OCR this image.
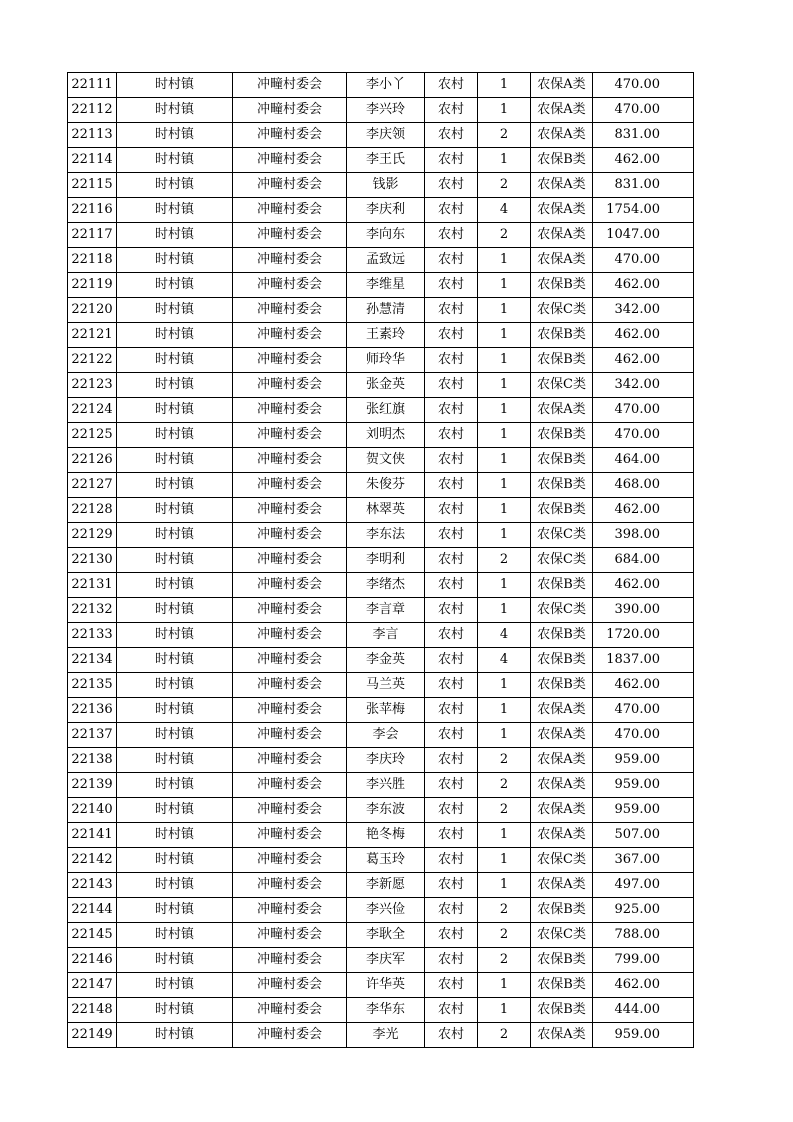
22111	时村镇	冲疃村委会	李小丫	农村	1	农保A类	470.00
22112	时村镇	冲疃村委会	李兴玲	农村	1	农保A类	470.00
22113	时村镇	冲疃村委会	李庆领	农村	2	农保A类	831.00
22114	时村镇	冲疃村委会	李王氏	农村	1	农保B类	462.00
22115	时村镇	冲疃村委会	钱影	农村	2	农保A类	831.00
22116	时村镇	冲疃村委会	李庆利	农村	4	农保A类	1754.00
22117	时村镇	冲疃村委会	李向东	农村	2	农保A类	1047.00
22118	时村镇	冲疃村委会	孟致远	农村	1	农保A类	470.00
22119	时村镇	冲疃村委会	李维星	农村	1	农保B类	462.00
22120	时村镇	冲疃村委会	孙慧清	农村	1	农保C类	342.00
22121	时村镇	冲疃村委会	王素玲	农村	1	农保B类	462.00
22122	时村镇	冲疃村委会	师玲华	农村	1	农保B类	462.00
22123	时村镇	冲疃村委会	张金英	农村	1	农保C类	342.00
22124	时村镇	冲疃村委会	张红旗	农村	1	农保A类	470.00
22125	时村镇	冲疃村委会	刘明杰	农村	1	农保B类	470.00
22126	时村镇	冲疃村委会	贺文侠	农村	1	农保B类	464.00
22127	时村镇	冲疃村委会	朱俊芬	农村	1	农保B类	468.00
22128	时村镇	冲疃村委会	林翠英	农村	1	农保B类	462.00
22129	时村镇	冲疃村委会	李东法	农村	1	农保C类	398.00
22130	时村镇	冲疃村委会	李明利	农村	2	农保C类	684.00
22131	时村镇	冲疃村委会	李绪杰	农村	1	农保B类	462.00
22132	时村镇	冲疃村委会	李言章	农村	1	农保C类	390.00
22133	时村镇	冲疃村委会	李言	农村	4	农保B类	1720.00
22134	时村镇	冲疃村委会	李金英	农村	4	农保B类	1837.00
22135	时村镇	冲疃村委会	马兰英	农村	1	农保B类	462.00
22136	时村镇	冲疃村委会	张苹梅	农村	1	农保A类	470.00
22137	时村镇	冲疃村委会	李会	农村	1	农保A类	470.00
22138	时村镇	冲疃村委会	李庆玲	农村	2	农保A类	959.00
22139	时村镇	冲疃村委会	李兴胜	农村	2	农保A类	959.00
22140	时村镇	冲疃村委会	李东波	农村	2	农保A类	959.00
22141	时村镇	冲疃村委会	艳冬梅	农村	1	农保A类	507.00
22142	时村镇	冲疃村委会	葛玉玲	农村	1	农保C类	367.00
22143	时村镇	冲疃村委会	李新愿	农村	1	农保A类	497.00
22144	时村镇	冲疃村委会	李兴俭	农村	2	农保B类	925.00
22145	时村镇	冲疃村委会	李耿全	农村	2	农保C类	788.00
22146	时村镇	冲疃村委会	李庆军	农村	2	农保B类	799.00
22147	时村镇	冲疃村委会	许华英	农村	1	农保B类	462.00
22148	时村镇	冲疃村委会	李华东	农村	1	农保B类	444.00
22149	时村镇	冲疃村委会	李光	农村	2	农保A类	959.00
